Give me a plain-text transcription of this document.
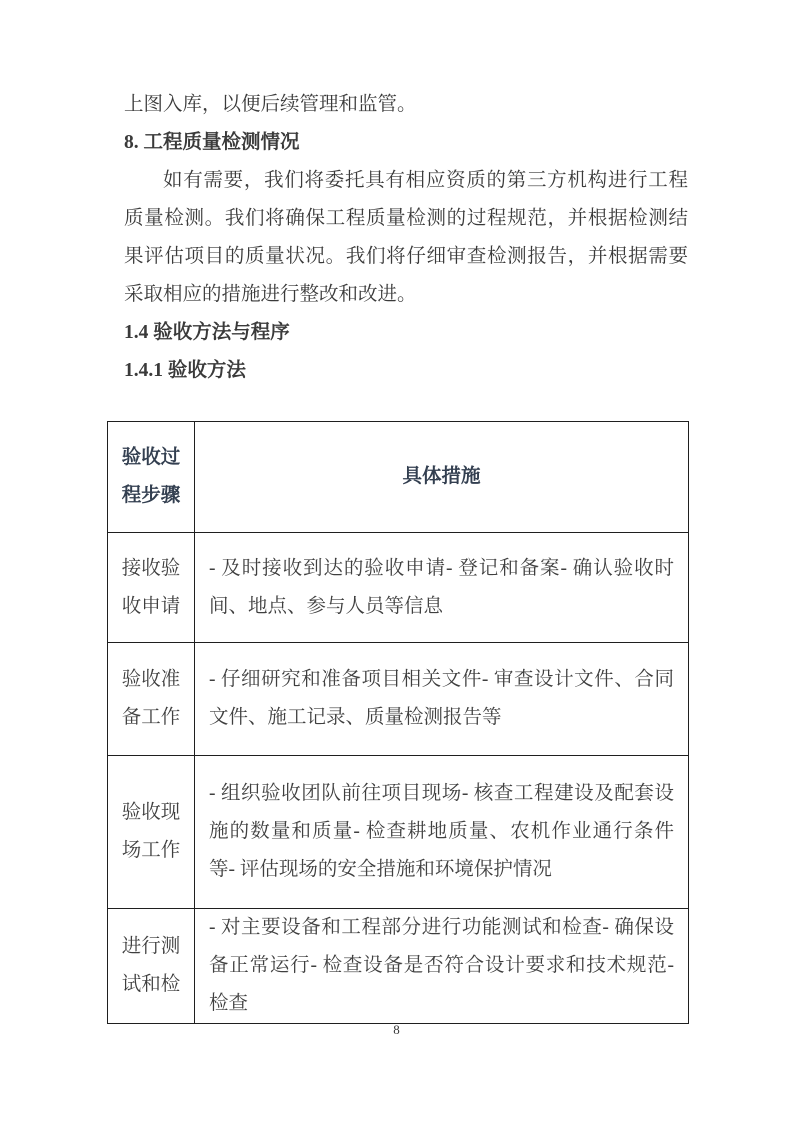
上图入库，以便后续管理和监管。

8. 工程质量检测情况

如有需要，我们将委托具有相应资质的第三方机构进行工程质量检测。我们将确保工程质量检测的过程规范，并根据检测结果评估项目的质量状况。我们将仔细审查检测报告，并根据需要采取相应的措施进行整改和改进。

1.4 验收方法与程序
1.4.1 验收方法
验收过程步骤	具体措施
接收验收申请	- 及时接收到达的验收申请- 登记和备案- 确认验收时间、地点、参与人员等信息
验收准备工作	- 仔细研究和准备项目相关文件- 审查设计文件、合同文件、施工记录、质量检测报告等
验收现场工作	- 组织验收团队前往项目现场- 核查工程建设及配套设施的数量和质量- 检查耕地质量、农机作业通行条件等- 评估现场的安全措施和环境保护情况
进行测试和检	- 对主要设备和工程部分进行功能测试和检查- 确保设备正常运行- 检查设备是否符合设计要求和技术规范- 检查
8
